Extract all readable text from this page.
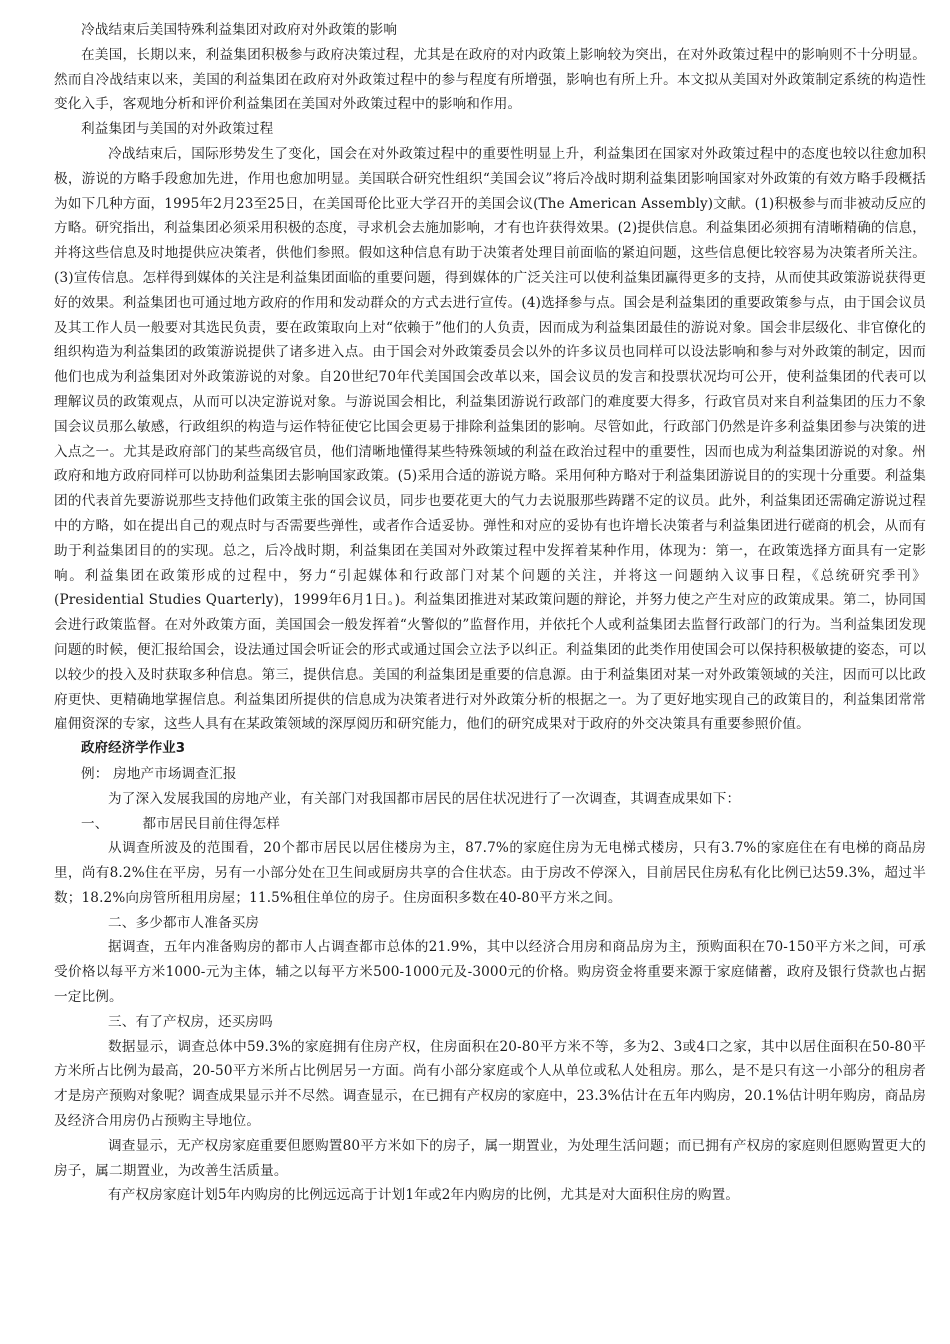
冷战结束后美国特殊利益集团对政府对外政策的影响

在美国，长期以来，利益集团积极参与政府决策过程，尤其是在政府的对内政策上影响较为突出，在对外政策过程中的影响则不十分明显。然而自冷战结束以来，美国的利益集团在政府对外政策过程中的参与程度有所增强，影响也有所上升。本文拟从美国对外政策制定系统的构造性变化入手，客观地分析和评价利益集团在美国对外政策过程中的影响和作用。

利益集团与美国的对外政策过程

冷战结束后，国际形势发生了变化，国会在对外政策过程中的重要性明显上升，利益集团在国家对外政策过程中的态度也较以往愈加积极，游说的方略手段愈加先进，作用也愈加明显。美国联合研究性组织“美国会议”将后冷战时期利益集团影响国家对外政策的有效方略手段概括为如下几种方面，1995年2月23至25日，在美国哥伦比亚大学召开的美国会议(The American Assembly)文献。(1)积极参与而非被动反应的方略。研究指出，利益集团必须采用积极的态度，寻求机会去施加影响，才有也许获得效果。(2)提供信息。利益集团必须拥有清晰精确的信息，并将这些信息及时地提供应决策者，供他们参照。假如这种信息有助于决策者处理目前面临的紧迫问题，这些信息便比较容易为决策者所关注。(3)宣传信息。怎样得到媒体的关注是利益集团面临的重要问题，得到媒体的广泛关注可以使利益集团赢得更多的支持，从而使其政策游说获得更好的效果。利益集团也可通过地方政府的作用和发动群众的方式去进行宣传。(4)选择参与点。国会是利益集团的重要政策参与点，由于国会议员及其工作人员一般要对其选民负责，要在政策取向上对“依赖于”他们的人负责，因而成为利益集团最佳的游说对象。国会非层级化、非官僚化的组织构造为利益集团的政策游说提供了诸多进入点。由于国会对外政策委员会以外的许多议员也同样可以设法影响和参与对外政策的制定，因而他们也成为利益集团对外政策游说的对象。自20世纪70年代美国国会改革以来，国会议员的发言和投票状况均可公开，使利益集团的代表可以理解议员的政策观点，从而可以决定游说对象。与游说国会相比，利益集团游说行政部门的难度要大得多，行政官员对来自利益集团的压力不象国会议员那么敏感，行政组织的构造与运作特征使它比国会更易于排除利益集团的影响。尽管如此，行政部门仍然是许多利益集团参与决策的进入点之一。尤其是政府部门的某些高级官员，他们清晰地懂得某些特殊领域的利益在政治过程中的重要性，因而也成为利益集团游说的对象。州政府和地方政府同样可以协助利益集团去影响国家政策。(5)采用合适的游说方略。采用何种方略对于利益集团游说目的的实现十分重要。利益集团的代表首先要游说那些支持他们政策主张的国会议员，同步也要花更大的气力去说服那些踌躇不定的议员。此外，利益集团还需确定游说过程中的方略，如在提出自己的观点时与否需要些弹性，或者作合适妥协。弹性和对应的妥协有也许增长决策者与利益集团进行磋商的机会，从而有助于利益集团目的的实现。总之，后冷战时期，利益集团在美国对外政策过程中发挥着某种作用，体现为：第一，在政策选择方面具有一定影响。利益集团在政策形成的过程中，努力“引起媒体和行政部门对某个问题的关注，并将这一问题纳入议事日程，《总统研究季刊》(Presidential Studies Quarterly)，1999年6月1日。)。利益集团推进对某政策问题的辩论，并努力使之产生对应的政策成果。第二，协同国会进行政策监督。在对外政策方面，美国国会一般发挥着“火警似的”监督作用，并依托个人或利益集团去监督行政部门的行为。当利益集团发现问题的时候，便汇报给国会，设法通过国会听证会的形式或通过国会立法予以纠正。利益集团的此类作用使国会可以保持积极敏捷的姿态，可以以较少的投入及时获取多种信息。第三，提供信息。美国的利益集团是重要的信息源。由于利益集团对某一对外政策领域的关注，因而可以比政府更快、更精确地掌握信息。利益集团所提供的信息成为决策者进行对外政策分析的根据之一。为了更好地实现自己的政策目的，利益集团常常雇佣资深的专家，这些人具有在某政策领域的深厚阅历和研究能力，他们的研究成果对于政府的外交决策具有重要参照价值。

政府经济学作业3

例： 房地产市场调查汇报

为了深入发展我国的房地产业，有关部门对我国都市居民的居住状况进行了一次调查，其调查成果如下：

一、	都市居民目前住得怎样

从调查所波及的范围看，20个都市居民以居住楼房为主，87.7%的家庭住房为无电梯式楼房，只有3.7%的家庭住在有电梯的商品房里，尚有8.2%住在平房，另有一小部分处在卫生间或厨房共享的合住状态。由于房改不停深入，目前居民住房私有化比例已达59.3%，超过半数；18.2%向房管所租用房屋；11.5%租住单位的房子。住房面积多数在40-80平方米之间。

二、多少都市人准备买房

据调查，五年内准备购房的都市人占调查都市总体的21.9%，其中以经济合用房和商品房为主，预购面积在70-150平方米之间，可承受价格以每平方米1000-元为主体，辅之以每平方米500-1000元及-3000元的价格。购房资金将重要来源于家庭储蓄，政府及银行贷款也占据一定比例。

三、有了产权房，还买房吗

数据显示，调查总体中59.3%的家庭拥有住房产权，住房面积在20-80平方米不等，多为2、3或4口之家，其中以居住面积在50-80平方米所占比例为最高，20-50平方米所占比例居另一方面。尚有小部分家庭或个人从单位或私人处租房。那么，是不是只有这一小部分的租房者才是房产预购对象呢？调查成果显示并不尽然。调查显示，在已拥有产权房的家庭中，23.3%估计在五年内购房，20.1%估计明年购房，商品房及经济合用房仍占预购主导地位。

调查显示，无产权房家庭重要但愿购置80平方米如下的房子，属一期置业，为处理生活问题；而已拥有产权房的家庭则但愿购置更大的房子，属二期置业，为改善生活质量。

有产权房家庭计划5年内购房的比例远远高于计划1年或2年内购房的比例，尤其是对大面积住房的购置。
